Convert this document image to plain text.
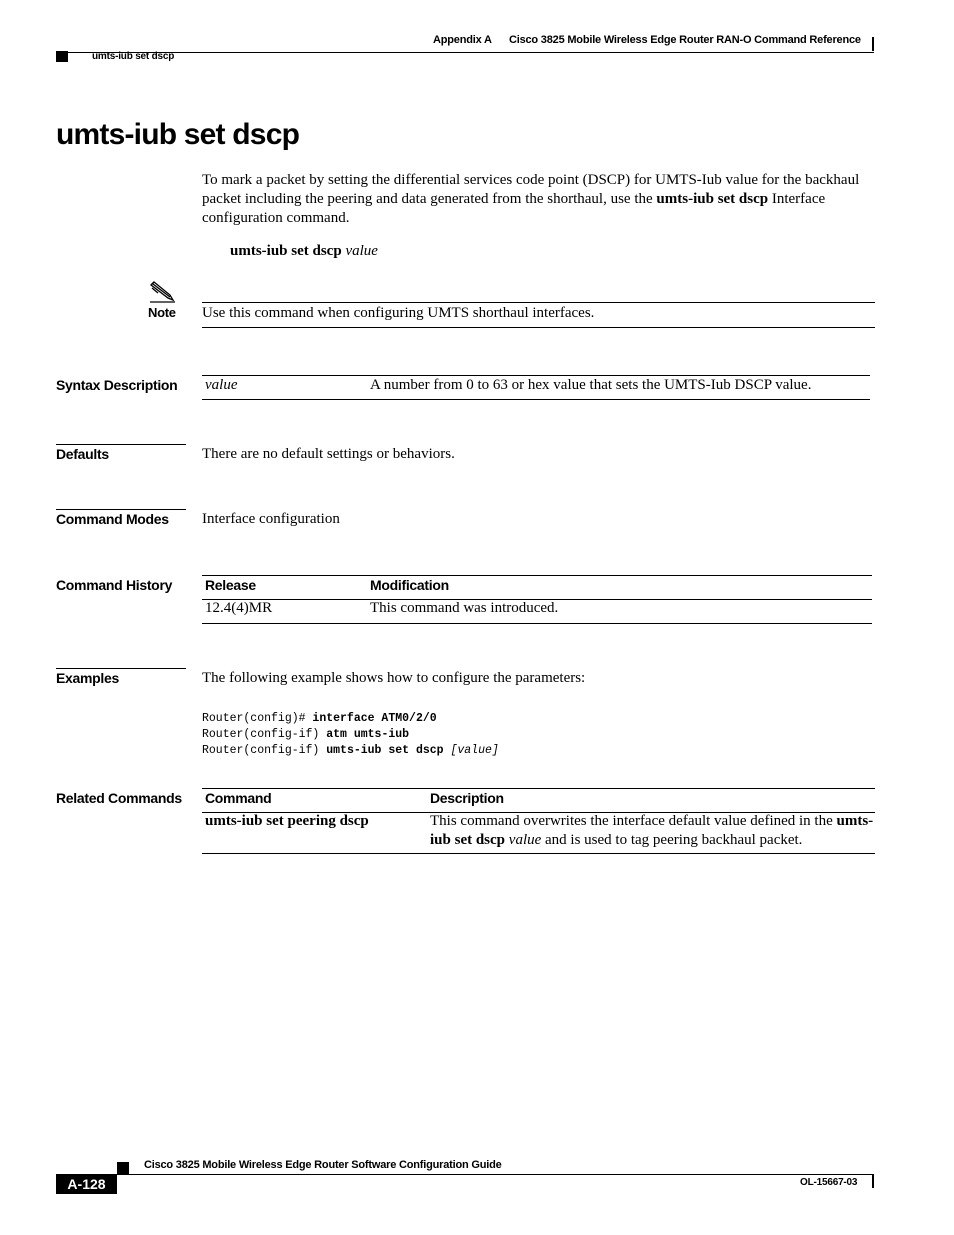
Appendix A Cisco 3825 Mobile Wireless Edge Router RAN-O Command Reference
umts-iub set dscp
umts-iub set dscp
To mark a packet by setting the differential services code point (DSCP) for UMTS-Iub value for the backhaul packet including the peering and data generated from the shorthaul, use the umts-iub set dscp Interface configuration command.
umts-iub set dscp value
Note Use this command when configuring UMTS shorthaul interfaces.
Syntax Description value	A number from 0 to 63 or hex value that sets the UMTS-Iub DSCP value.
Defaults	There are no default settings or behaviors.
Command Modes Interface configuration
Command History Release	Modification
12.4(4)MR	This command was introduced.
Examples	The following example shows how to configure the parameters:

Router(config)# interface ATM0/2/0
Router(config-if) atm umts-iub
Router(config-if) umts-iub set dscp [value]

Related Commands Command	Description
umts-iub set peering dscp	This command overwrites the interface default value defined in the umts-iub set dscp value and is used to tag peering backhaul packet.
Cisco 3825 Mobile Wireless Edge Router Software Configuration Guide
A-128	OL-15667-03
